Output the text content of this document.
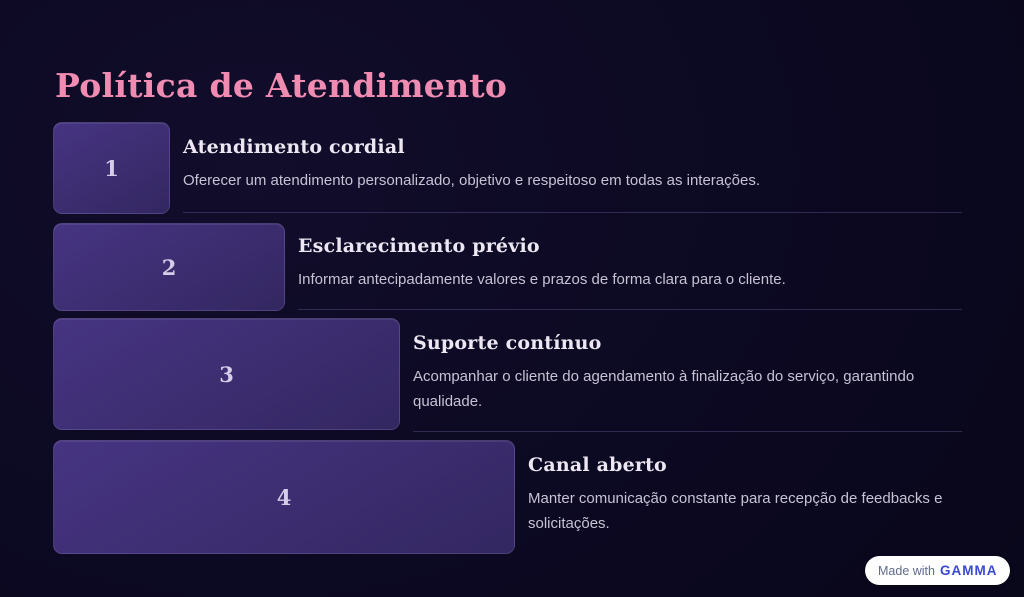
Política de Atendimento
1
Atendimento cordial

Oferecer um atendimento personalizado, objetivo e respeitoso em todas as interações.

2
Esclarecimento prévio

Informar antecipadamente valores e prazos de forma clara para o cliente.

3
Suporte contínuo

Acompanhar o cliente do agendamento à finalização do serviço, garantindo qualidade.

4
Canal aberto

Manter comunicação constante para recepção de feedbacks e solicitações.

Made with GAMMA
